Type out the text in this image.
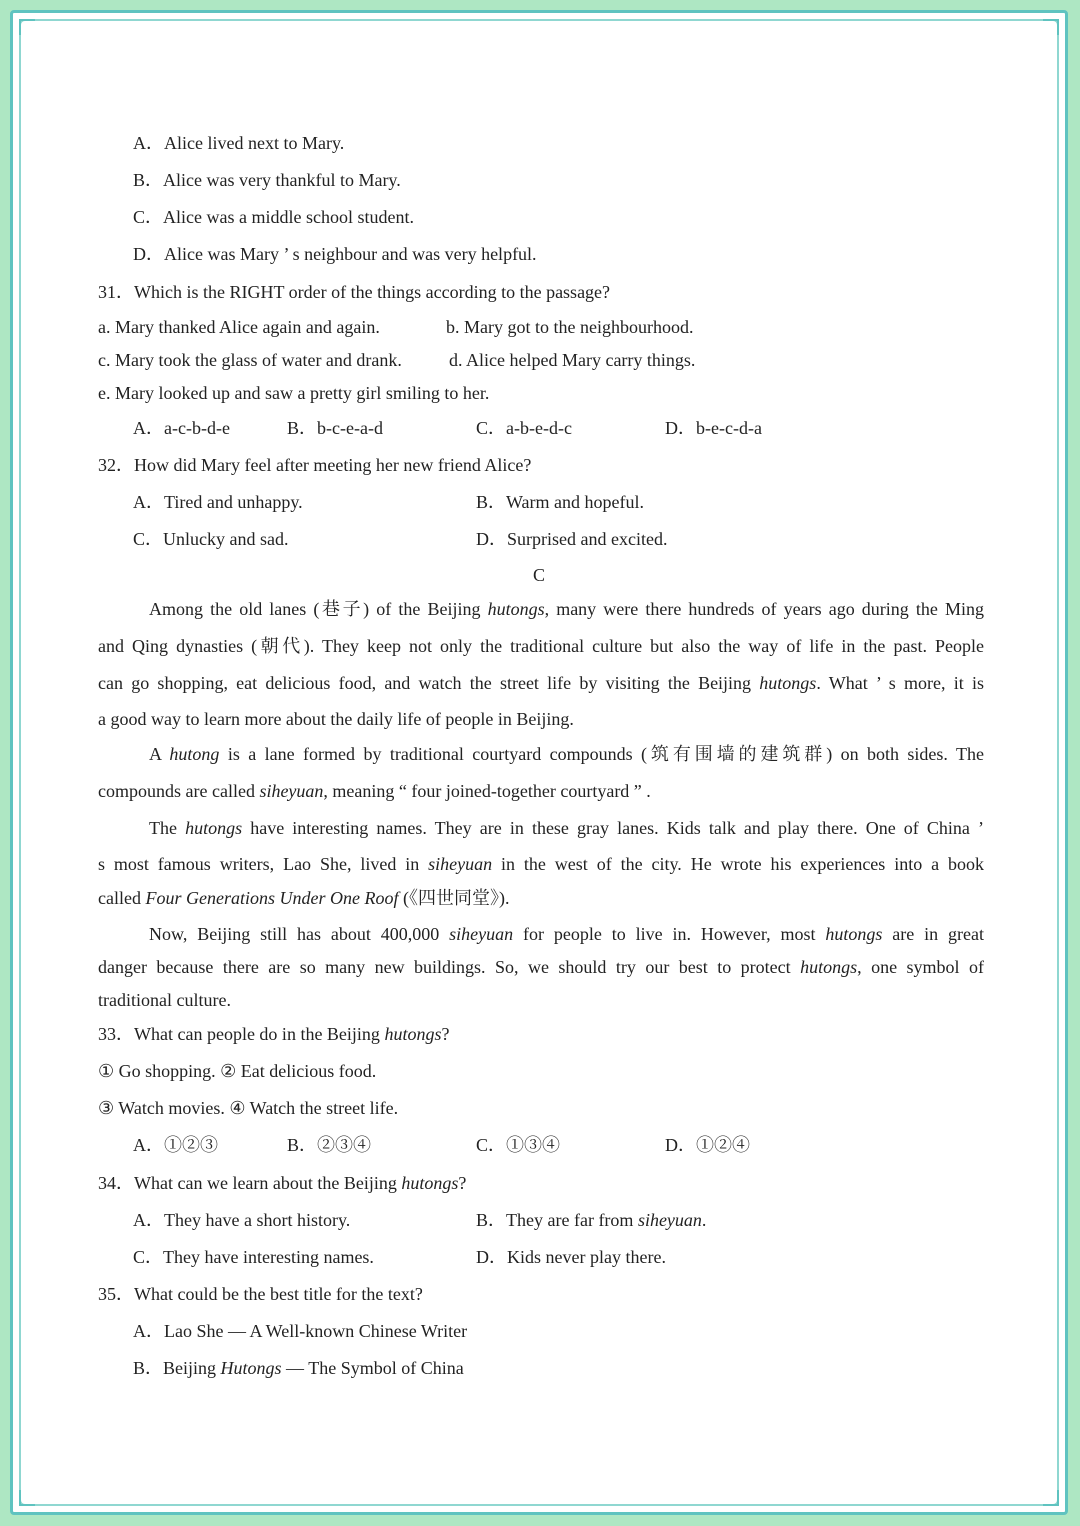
A．Alice lived next to Mary.
B．Alice was very thankful to Mary.
C．Alice was a middle school student.
D．Alice was Mary ’ s neighbour and was very helpful.
31．Which is the RIGHT order of the things according to the passage?
a. Mary thanked Alice again and again.	b. Mary got to the neighbourhood.
c. Mary took the glass of water and drank.	d. Alice helped Mary carry things.
e. Mary looked up and saw a pretty girl smiling to her.
A．a-c-b-d-e	B．b-c-e-a-d	C．a-b-e-d-c	D．b-e-c-d-a
32．How did Mary feel after meeting her new friend Alice?
A．Tired and unhappy.	B．Warm and hopeful.
C．Unlucky and sad.	D．Surprised and excited.
C
Among the old lanes (巷子) of the Beijing hutongs, many were there hundreds of years ago during the Ming
and Qing dynasties (朝代). They keep not only the traditional culture but also the way of life in the past. People
can go shopping, eat delicious food, and watch the street life by visiting the Beijing hutongs. What ’ s more, it is
a good way to learn more about the daily life of people in Beijing.
A hutong is a lane formed by traditional courtyard compounds (筑有围墙的建筑群) on both sides. The
compounds are called siheyuan, meaning “ four joined-together courtyard ” .
The hutongs have interesting names. They are in these gray lanes. Kids talk and play there. One of China ’
s most famous writers, Lao She, lived in siheyuan in the west of the city. He wrote his experiences into a book
called Four Generations Under One Roof (《四世同堂》).
Now, Beijing still has about 400,000 siheyuan for people to live in. However, most hutongs are in great
danger because there are so many new buildings. So, we should try our best to protect hutongs, one symbol of
traditional culture.
33．What can people do in the Beijing hutongs?
① Go shopping. ② Eat delicious food.
③ Watch movies. ④ Watch the street life.
A．①②③	B．②③④	C．①③④	D．①②④
34．What can we learn about the Beijing hutongs?
A．They have a short history.	B．They are far from siheyuan.
C．They have interesting names.	D．Kids never play there.
35．What could be the best title for the text?
A．Lao She — A Well-known Chinese Writer
B．Beijing Hutongs — The Symbol of China
